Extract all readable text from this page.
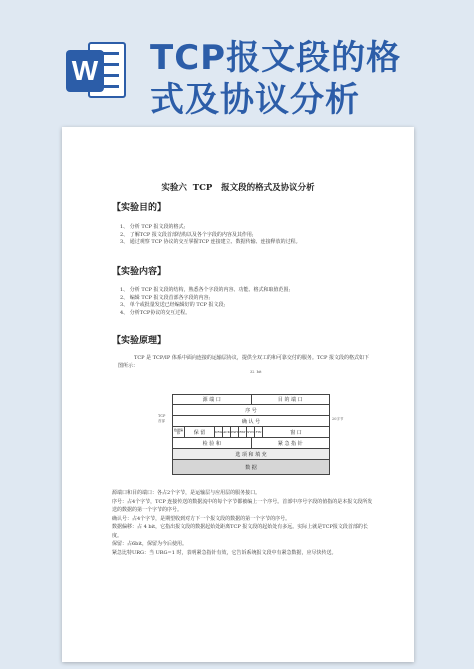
W TCP报文段的格
式及协议分析
实验六  TCP   报文段的格式及协议分析
【实验目的】
1、 分析 TCP 报文段的格式;
2、 了解TCP 报文段首部结构以及各个字段的内容及其作用;
3、 通过观察 TCP 协议的交互掌握TCP 连接建立、数据传输、连接释放的过程。
【实验内容】
1、 分析 TCP 报文段的结构，熟悉各个字段的内容、功能、格式和取值范围;
2、 编辑 TCP 报文段首部各字段的内容;
3、 单个或批量发送已经编辑好的 TCP 报文段;
4、 分析TCP协议的交互过程。
【实验原理】
TCP 是 TCP/IP 体系中面向连接的运输层协议，提供全双工的和可靠交付的服务。TCP 报文段的格式如下图所示：
32  bit
TCP
首部	20字节
源 端 口	目 的 端 口
序 号
确 认 号
数据偏移	保 留	URG ACK PSH RST SYN FIN	窗 口
检 验 和	紧 急 指 针
选 项 和 填 充
数 据
源端口和目的端口：各占2个字节，是运输层与应用层的服务接口。
序号：占4个字节，TCP 连接传送的数据流中的每个字节都被编上一个序号。首部中序号字段的值指的是本报文段所发送的数据的第一个字节的序号。
确认号：占4个字节，是期望收到对方下一个报文段的数据的第一个字节的序号。
数据偏移：占 4 bit，它指出报文段的数据起始处距离TCP 报文段的起始处有多远。实际上就是TCP报文段首部的长度。
保留：占6bit，保留为今后使用。
紧急比特URG：当 URG=1 时，表明紧急指针有效，它告诉系统报文段中有紧急数据，应尽快传送。
